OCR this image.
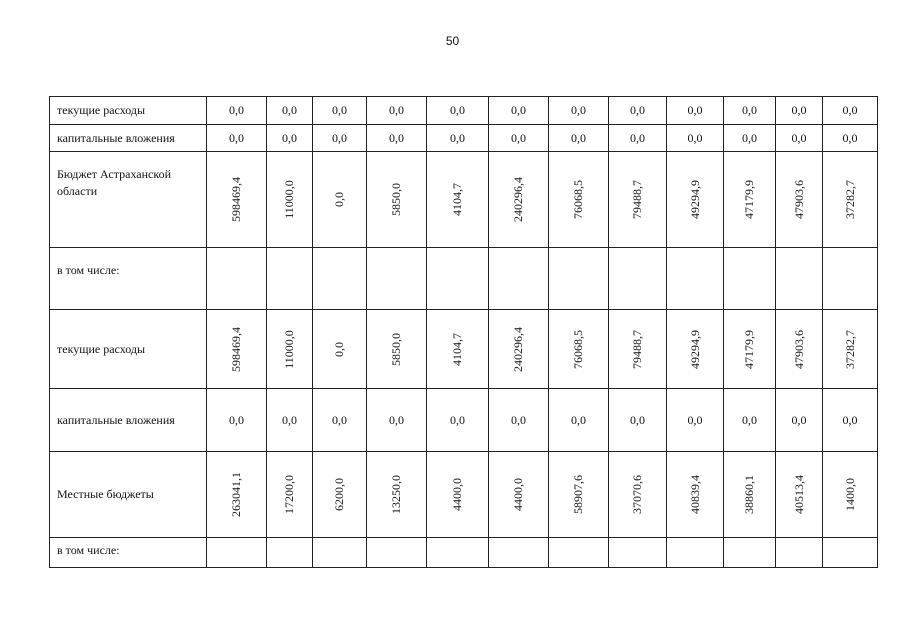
50
текущие расходы	0,0	0,0	0,0	0,0	0,0	0,0	0,0	0,0	0,0	0,0	0,0	0,0
капитальные вложения	0,0	0,0	0,0	0,0	0,0	0,0	0,0	0,0	0,0	0,0	0,0	0,0
Бюджет Астраханской области	598469,4	11000,0	0,0	5850,0	4104,7	240296,4	76068,5	79488,7	49294,9	47179,9	47903,6	37282,7
в том числе:												
текущие расходы	598469,4	11000,0	0,0	5850,0	4104,7	240296,4	76068,5	79488,7	49294,9	47179,9	47903,6	37282,7
капитальные вложения	0,0	0,0	0,0	0,0	0,0	0,0	0,0	0,0	0,0	0,0	0,0	0,0
Местные бюджеты	263041,1	17200,0	6200,0	13250,0	4400,0	4400,0	58907,6	37070,6	40839,4	38860,1	40513,4	1400,0
в том числе:												
